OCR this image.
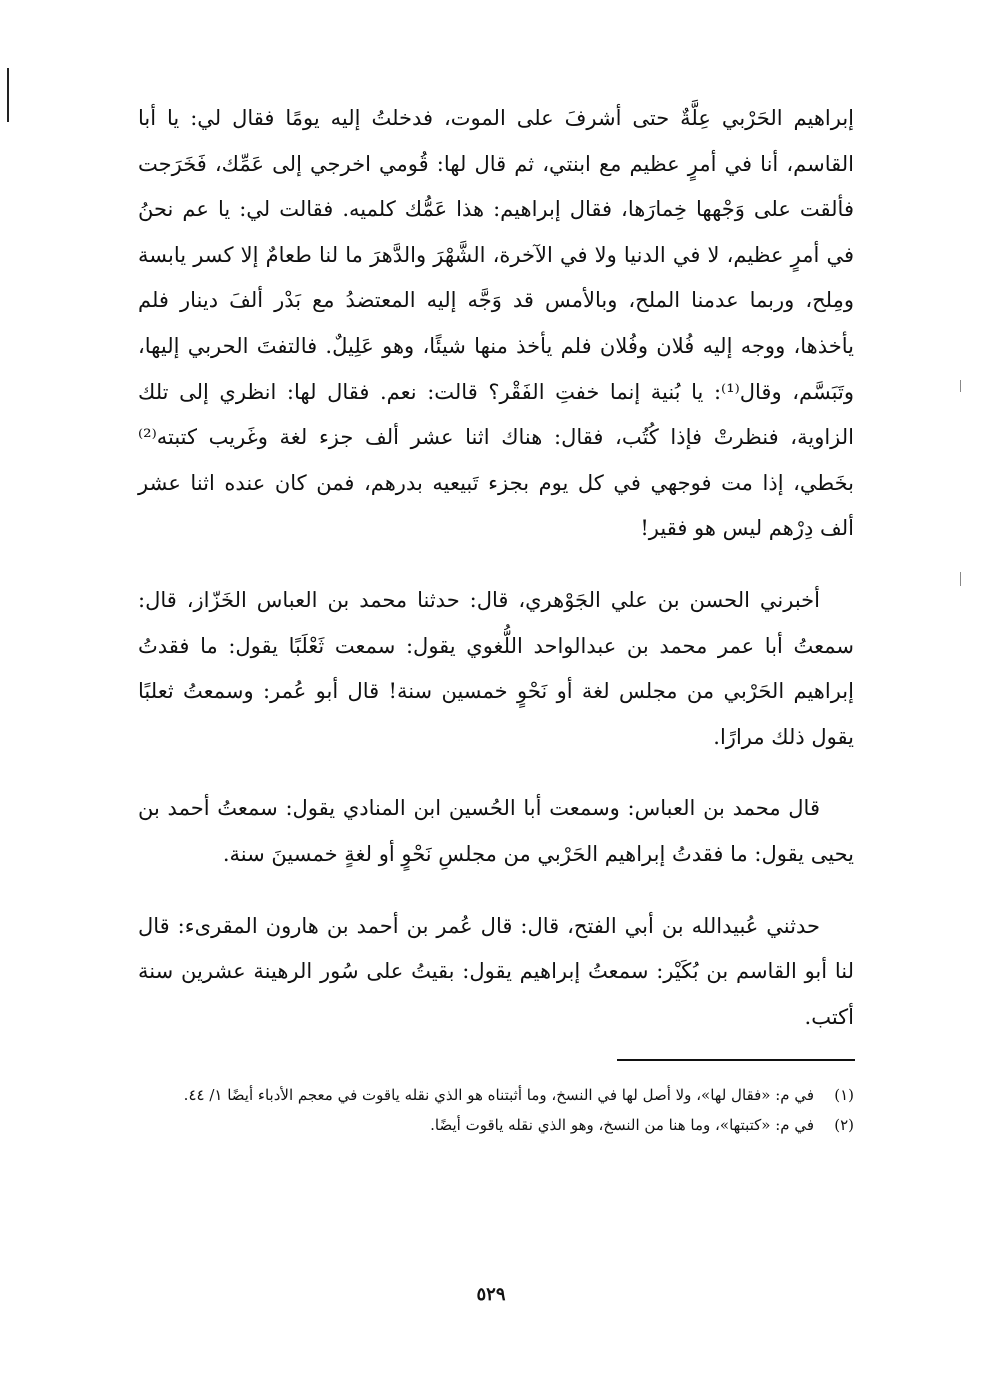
إبراهيم الحَرْبي عِلَّةٌ حتى أشرفَ على الموت، فدخلتُ إليه يومًا فقال لي: يا أبا القاسم، أنا في أمرٍ عظيم مع ابنتي، ثم قال لها: قُومي اخرجي إلى عَمِّك، فَخَرَجت فألقت على وَجْهها خِمارَها، فقال إبراهيم: هذا عَمُّك كلميه. فقالت لي: يا عم نحنُ في أمرٍ عظيم، لا في الدنيا ولا في الآخرة، الشَّهْرَ والدَّهرَ ما لنا طعامٌ إلا كسر يابسة ومِلح، وربما عدمنا الملح، وبالأمس قد وَجَّه إليه المعتضدُ مع بَدْر ألفَ دينار فلم يأخذها، ووجه إليه فُلان وفُلان فلم يأخذ منها شيئًا، وهو عَلِيلٌ. فالتفتَ الحربي إليها، وتَبَسَّم، وقال⁽¹⁾: يا بُنية إنما خفتِ الفَقْر؟ قالت: نعم. فقال لها: انظري إلى تلك الزاوية، فنظرتْ فإذا كُتُب، فقال: هناك اثنا عشر ألف جزء لغة وغَريب كتبته⁽²⁾ بخَطي، إذا مت فوجهي في كل يوم بجزء تَبيعيه بدرهم، فمن كان عنده اثنا عشر ألف دِرْهم ليس هو فقير!

أخبرني الحسن بن علي الجَوْهري، قال: حدثنا محمد بن العباس الخَزّاز، قال: سمعتُ أبا عمر محمد بن عبدالواحد اللُّغوي يقول: سمعت ثَعْلَبًا يقول: ما فقدتُ إبراهيم الحَرْبي من مجلس لغة أو نَحْوٍ خمسين سنة! قال أبو عُمر: وسمعتُ ثعلبًا يقول ذلك مرارًا.

قال محمد بن العباس: وسمعت أبا الحُسين ابن المنادي يقول: سمعتُ أحمد بن يحيى يقول: ما فقدتُ إبراهيم الحَرْبي من مجلسِ نَحْوٍ أو لغةٍ خمسينَ سنة.

حدثني عُبيدالله بن أبي الفتح، قال: قال عُمر بن أحمد بن هارون المقرىء: قال لنا أبو القاسم بن بُكَيْر: سمعتُ إبراهيم يقول: بقيتُ على سُور الرهينة عشرين سنة أكتب.

(١)
في م: «فقال لها»، ولا أصل لها في النسخ، وما أثبتناه هو الذي نقله ياقوت في معجم الأدباء أيضًا ١/ ٤٤.
(٢)
في م: «كتبتها»، وما هنا من النسخ، وهو الذي نقله ياقوت أيضًا.
٥٢٩
